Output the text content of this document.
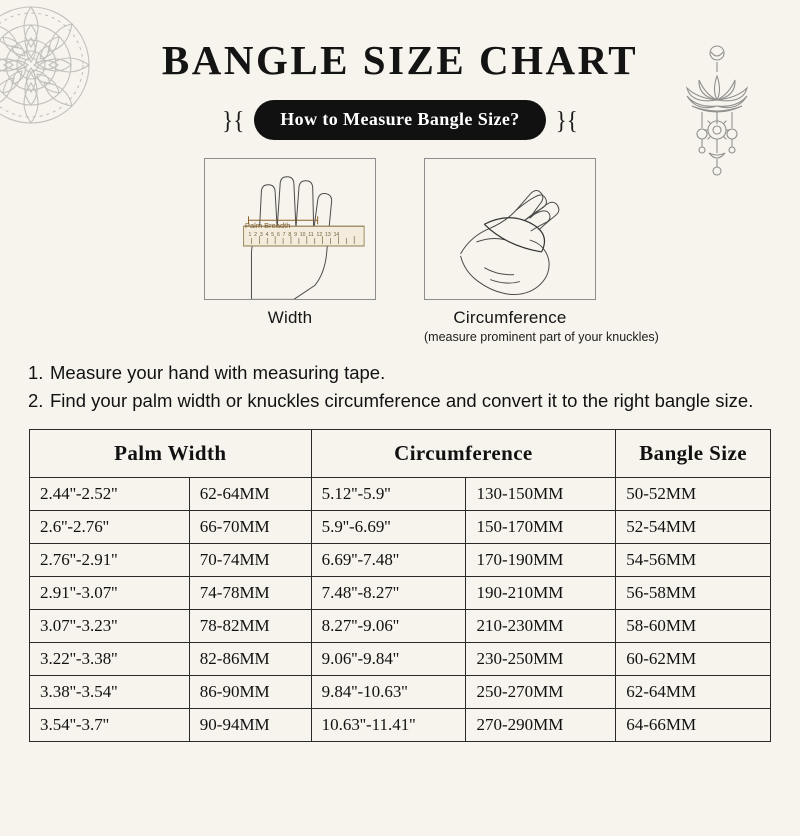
BANGLE SIZE CHART
}{	How to Measure Bangle Size?	}{
1  2  3  4  5  6  7  8  9  10  11  12  13  14
Palm Breadth
Width	Circumference
(measure prominent part of your knuckles)
1. Measure your hand with measuring tape.
2. Find your palm width or knuckles circumference and convert it to the right bangle size.
Palm Width		Circumference		Bangle Size
2.44''-2.52''	62-64MM	5.12''-5.9''	130-150MM	50-52MM
2.6''-2.76''	66-70MM	5.9''-6.69''	150-170MM	52-54MM
2.76''-2.91''	70-74MM	6.69''-7.48''	170-190MM	54-56MM
2.91''-3.07''	74-78MM	7.48''-8.27''	190-210MM	56-58MM
3.07''-3.23''	78-82MM	8.27''-9.06''	210-230MM	58-60MM
3.22''-3.38''	82-86MM	9.06''-9.84''	230-250MM	60-62MM
3.38''-3.54''	86-90MM	9.84''-10.63''	250-270MM	62-64MM
3.54''-3.7''	90-94MM	10.63''-11.41''	270-290MM	64-66MM
